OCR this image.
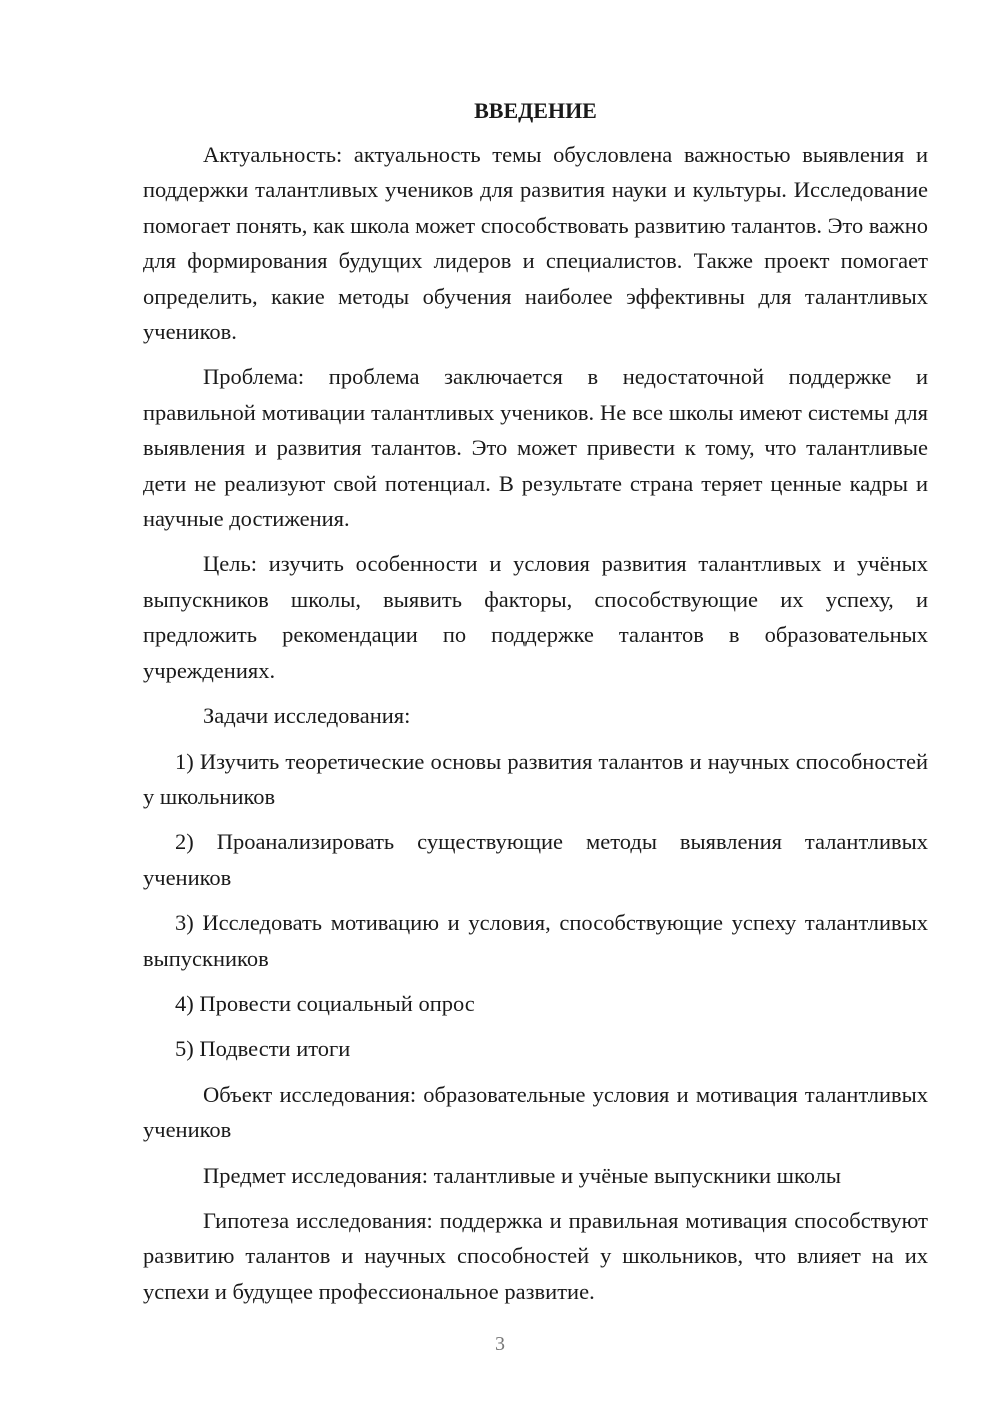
ВВЕДЕНИЕ

Актуальность: актуальность темы обусловлена важностью выявления и поддержки талантливых учеников для развития науки и культуры. Исследование помогает понять, как школа может способствовать развитию талантов. Это важно для формирования будущих лидеров и специалистов. Также проект помогает определить, какие методы обучения наиболее эффективны для талантливых учеников.

Проблема: проблема заключается в недостаточной поддержке и правильной мотивации талантливых учеников. Не все школы имеют системы для выявления и развития талантов. Это может привести к тому, что талантливые дети не реализуют свой потенциал. В результате страна теряет ценные кадры и научные достижения.

Цель: изучить особенности и условия развития талантливых и учёных выпускников школы, выявить факторы, способствующие их успеху, и предложить рекомендации по поддержке талантов в образовательных учреждениях.

Задачи исследования:

1) Изучить теоретические основы развития талантов и научных способностей у школьников

2) Проанализировать существующие методы выявления талантливых учеников

3) Исследовать мотивацию и условия, способствующие успеху талантливых выпускников

4) Провести социальный опрос

5) Подвести итоги

Объект исследования: образовательные условия и мотивация талантливых учеников

Предмет исследования: талантливые и учёные выпускники школы

Гипотеза исследования: поддержка и правильная мотивация способствуют развитию талантов и научных способностей у школьников, что влияет на их успехи и будущее профессиональное развитие.

3
